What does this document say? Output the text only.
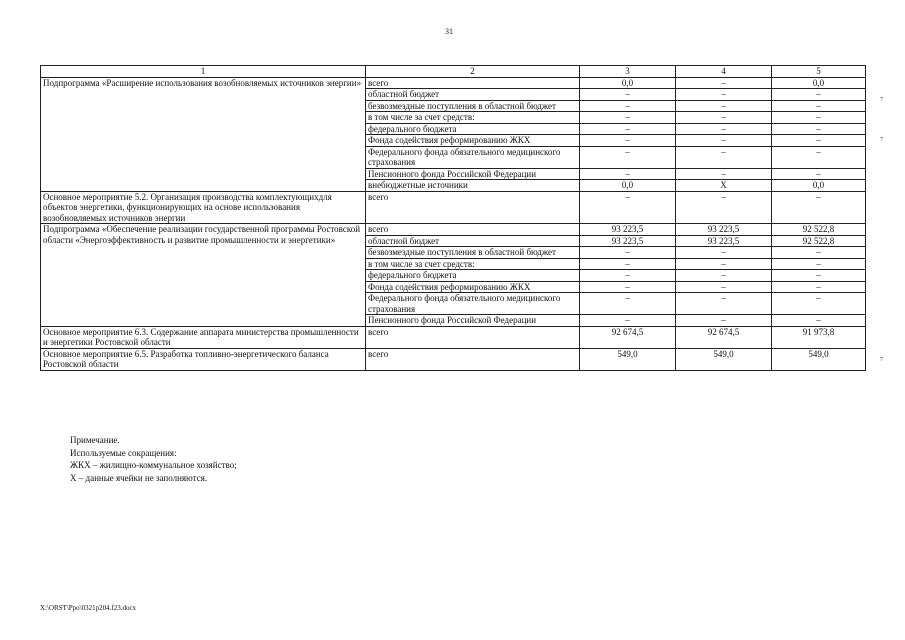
31
1	2	3	4	5
Подпрограмма «Расширение использования возобновляемых источников энергии»	всего	0,0	–	0,0
	областной бюджет	–	–	–
	безвозмездные поступления в областной бюджет	–	–	–
	в том числе за счет средств:	–	–	–
	федерального бюджета	–	–	–
	Фонда содействия реформированию ЖКХ	–	–	–
	Федерального фонда обязательного медицинского страхования	–	–	–
	Пенсионного фонда Российской Федерации	–	–	–
	внебюджетные источники	0,0	Х	0,0
Основное мероприятие 5.2. Организация производства комплектующихдля объектов энергетики, функционирующих на основе использования возобновляемых источников энергии	всего	–	–	–
Подпрограмма «Обеспечение реализации государственной программы Ростовской области «Энергоэффективность и развитие промышленности и энергетики»	всего	93 223,5	93 223,5	92 522,8
	областной бюджет	93 223,5	93 223,5	92 522,8
	безвозмездные поступления в областной бюджет	–	–	–
	в том числе за счет средств:	–	–	–
	федерального бюджета	–	–	–
	Фонда содействия реформированию ЖКХ	–	–	–
	Федерального фонда обязательного медицинского страхования	–	–	–
	Пенсионного фонда Российской Федерации	–	–	–
Основное мероприятие 6.3. Содержание аппарата министерства промышленности и энергетики Ростовской области	всего	92 674,5	92 674,5	91 973,8
Основное мероприятие 6.5. Разработка топливно-энергетического баланса Ростовской области	всего	549,0	549,0	549,0
7
7
7
Примечание.
Используемые сокращения:
ЖКХ – жилищно-коммунальное хозяйство;
Х – данные ячейки не заполняются.
X:\ORST\Ppo\0321p204.f23.docx
